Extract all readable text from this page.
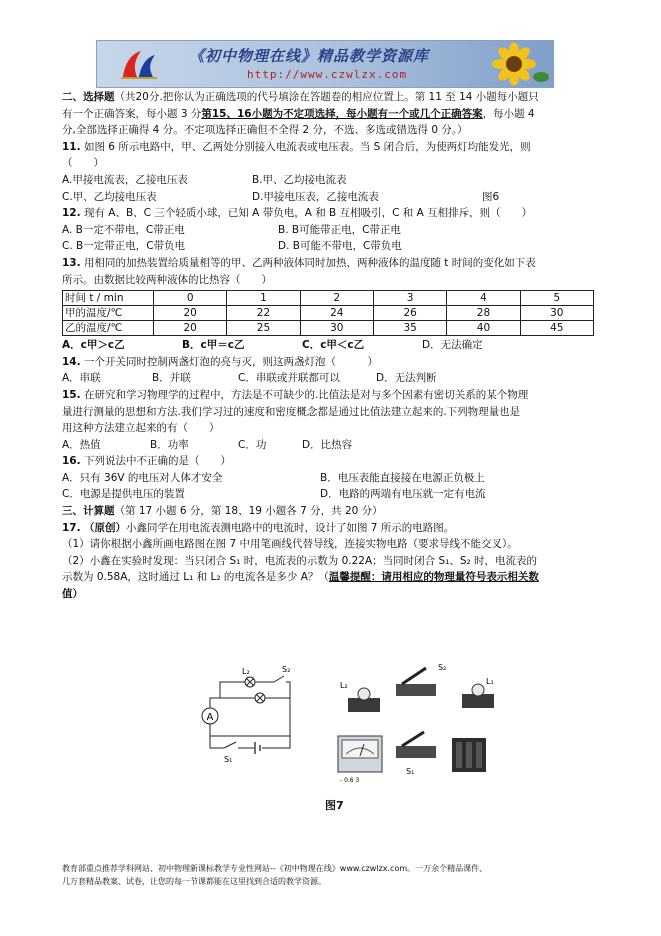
《初中物理在线》精品教学资源库
http://www.czwlzx.com

二、选择题（共20分.把你认为正确选项的代号填涂在答题卷的相应位置上。第 11 至 14 小题每小题只

有一个正确答案，每小题 3 分第15、16小题为不定项选择，每小题有一个或几个正确答案，每小题 4

分,全部选择正确得 4 分。不定项选择正确但不全得 2 分，不选、多选或错选得 0 分。）

11. 如图 6 所示电路中，甲、乙两处分别接入电流表或电压表。当 S 闭合后，为使两灯均能发光，则

（　　）

A.甲接电流表，乙接电压表	B.甲、乙均接电流表
C.甲、乙均接电压表	D.甲接电压表，乙接电流表	图6

12. 现有 A、B、C 三个轻质小球，已知 A 带负电，A 和 B 互相吸引，C 和 A 互相排斥，则（　　）

A. B一定不带电，C带正电	B. B可能带正电，C带正电
C. B一定带正电，C带负电	D. B可能不带电，C带负电

13. 用相同的加热装置给质量相等的甲、乙两种液体同时加热，两种液体的温度随 t 时间的变化如下表

所示。由数据比较两种液体的比热容（　　）

时间 t / min	0	1	2	3	4	5
甲的温度/℃	20	22	24	26	28	30
乙的温度/℃	20	25	30	35	40	45
A．c甲＞c乙	B．c甲＝c乙	C．c甲＜c乙	D．无法确定

14. 一个开关同时控制两盏灯泡的亮与灭，则这两盏灯泡（　　　）

A．串联	B．并联	C．串联或并联都可以	D．无法判断

15. 在研究和学习物理学的过程中，方法是不可缺少的.比值法是对与多个因素有密切关系的某个物理

量进行测量的思想和方法.我们学习过的速度和密度概念都是通过比值法建立起来的.下列物理量也是

用这种方法建立起来的有（　　）

A．热值	B．功率	C．功	D．比热容

16. 下列说法中不正确的是（　　）

A．只有 36V 的电压对人体才安全	B．电压表能直接接在电源正负极上
C．电源是提供电压的装置	D．电路的两端有电压就一定有电流

三、计算题（第 17 小题 6 分，第 18、19 小题各 7 分，共 20 分）

17. （原创）小鑫同学在用电流表测电路中的电流时，设计了如图 7 所示的电路图。

（1）请你根据小鑫所画电路图在图 7 中用笔画线代替导线，连接实物电路（要求导线不能交叉）。

（2）小鑫在实验时发现：当只闭合 S₁ 时，电流表的示数为 0.22A；当同时闭合 S₁、S₂ 时，电流表的

示数为 0.58A，这时通过 L₁ 和 L₂ 的电流各是多少 A？（温馨提醒：请用相应的物理量符号表示相关数

值）

A
L₂	S₂
S₁
L₂
S₂
L₁
- 0.6 3
S₁
图7

教育部重点推荐学科网站、初中物理新课标教学专业性网站--《初中物理在线》www.czwlzx.com。一万余个精品课件、

几万套精品教案、试卷，让您的每一节课都能在这里找到合适的教学资源。
